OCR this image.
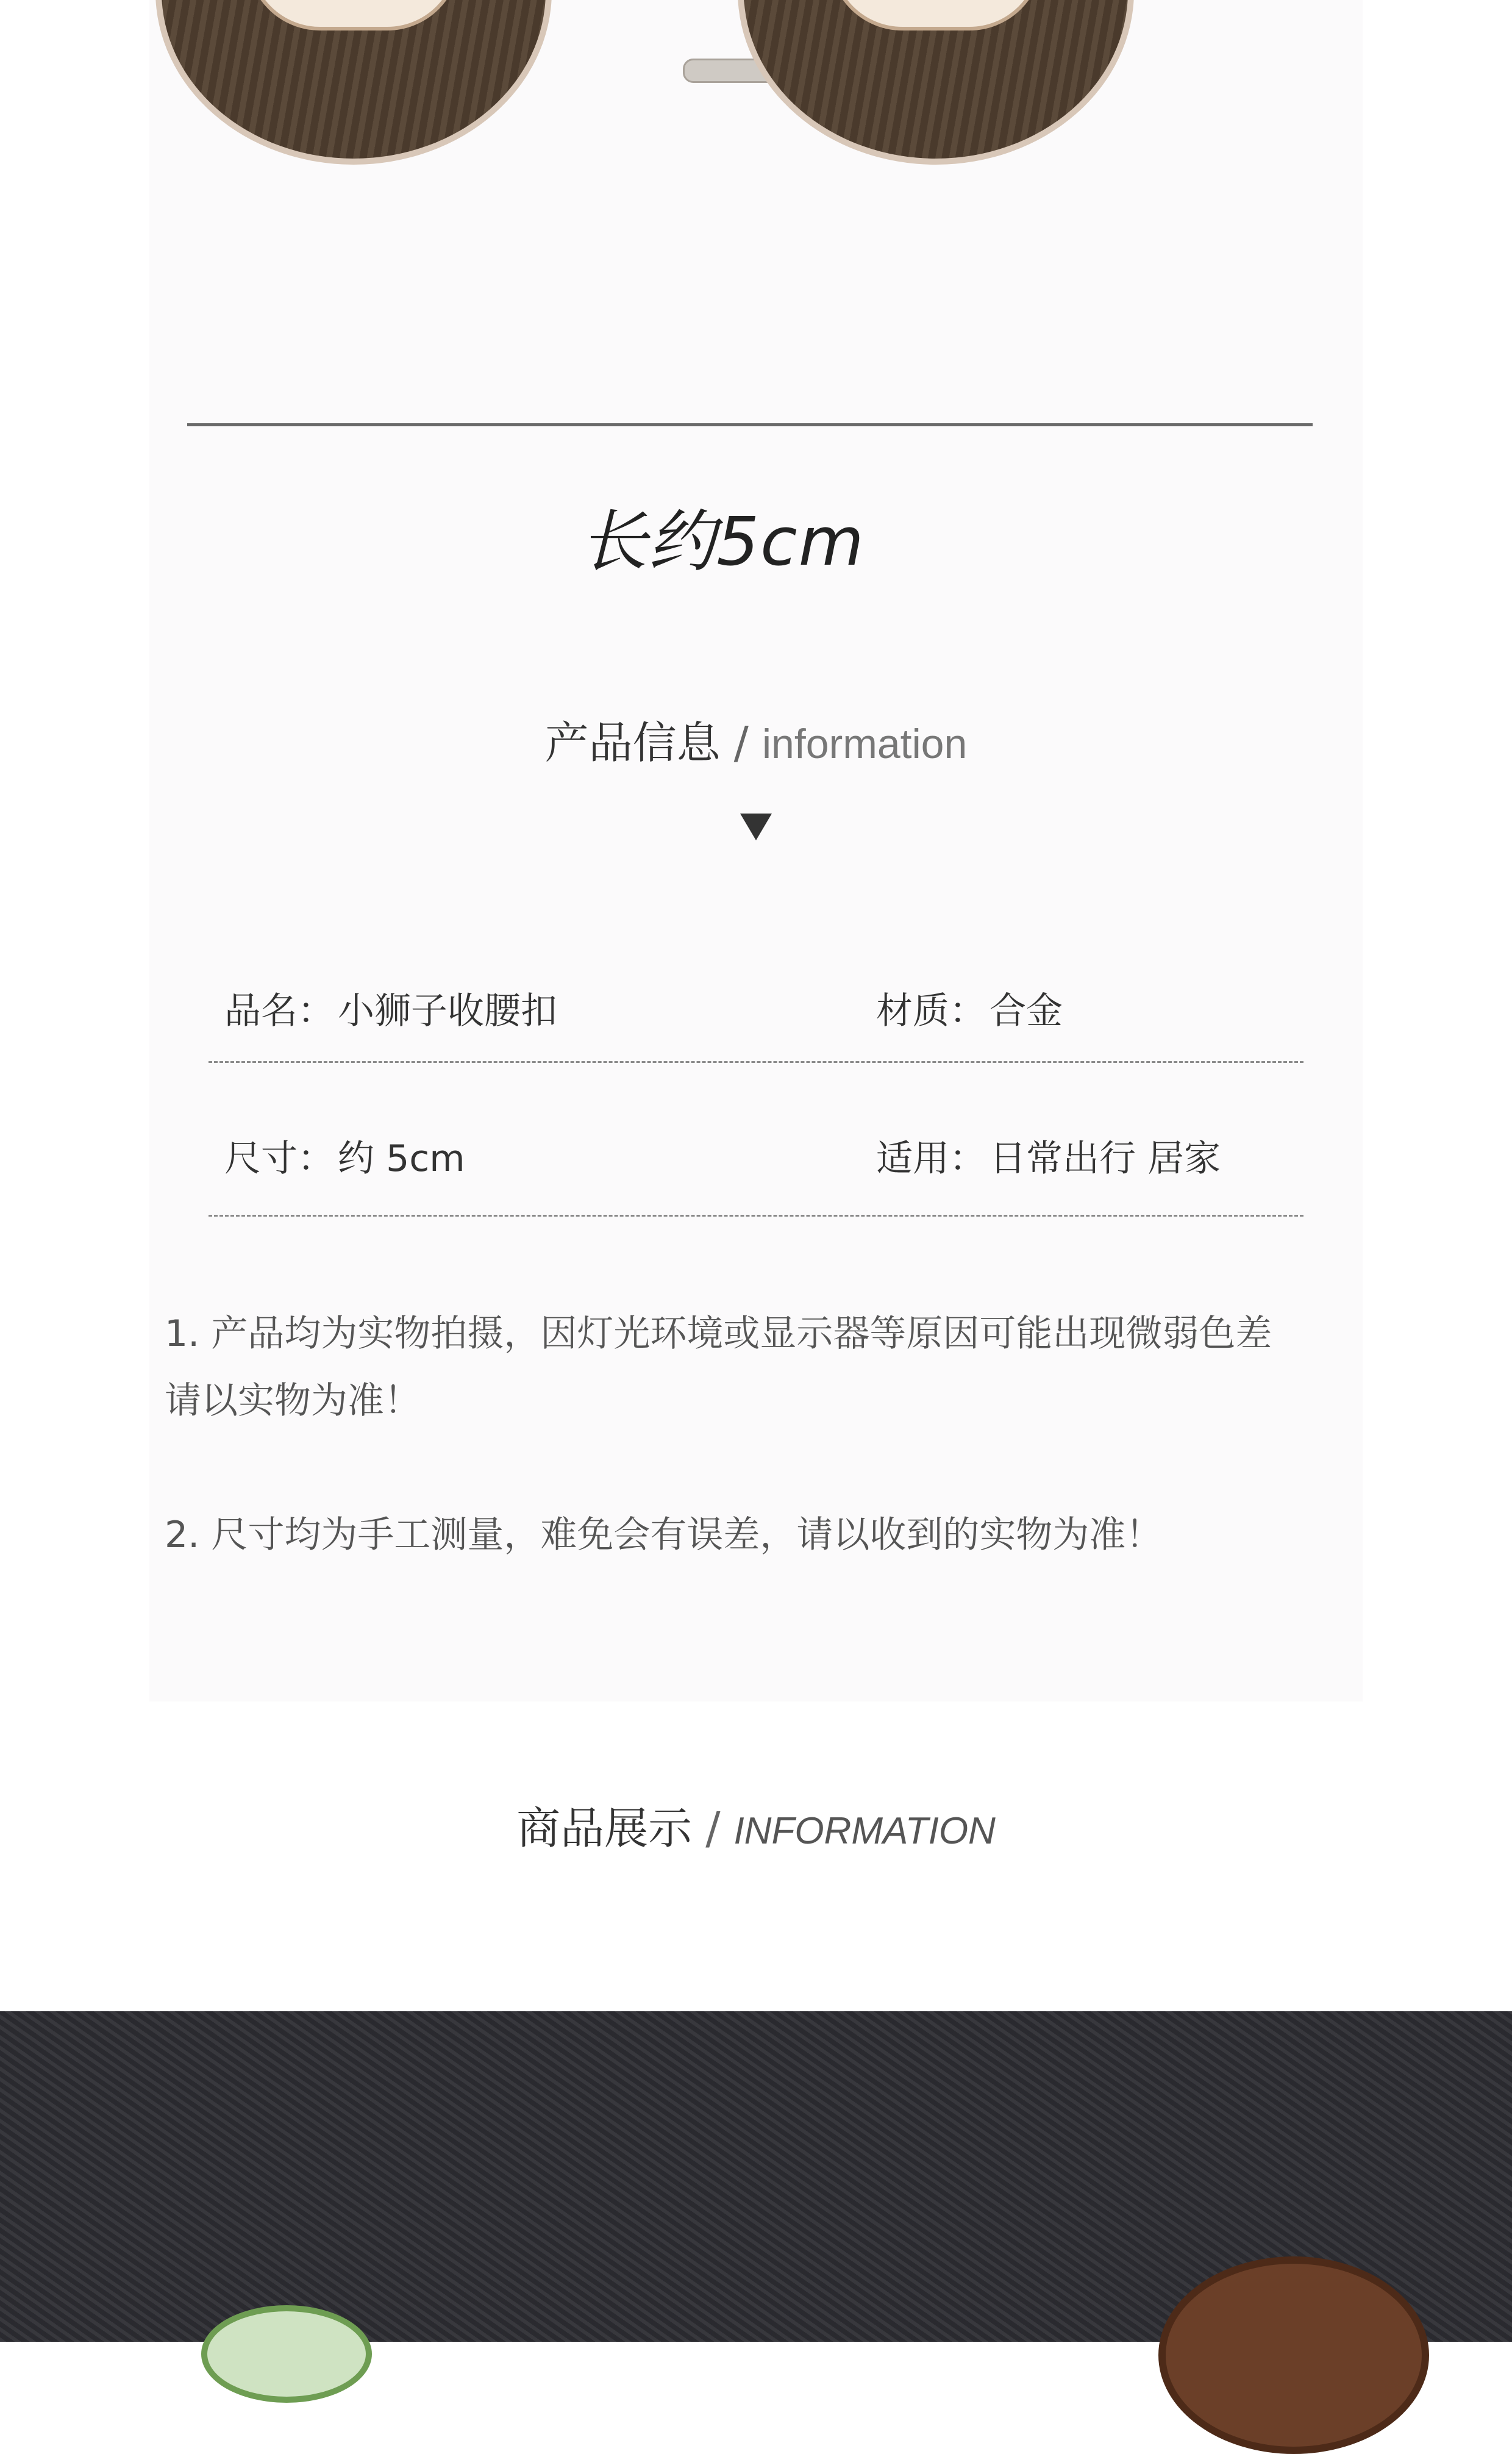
长约5cm
产品信息 / information
品名： 小狮子收腰扣	材质： 合金
尺寸： 约 5cm	适用： 日常出行 居家
1. 产品均为实物拍摄，因灯光环境或显示器等原因可能出现微弱色差
请以实物为准！
2. 尺寸均为手工测量，难免会有误差，请以收到的实物为准！
商品展示 / INFORMATION
